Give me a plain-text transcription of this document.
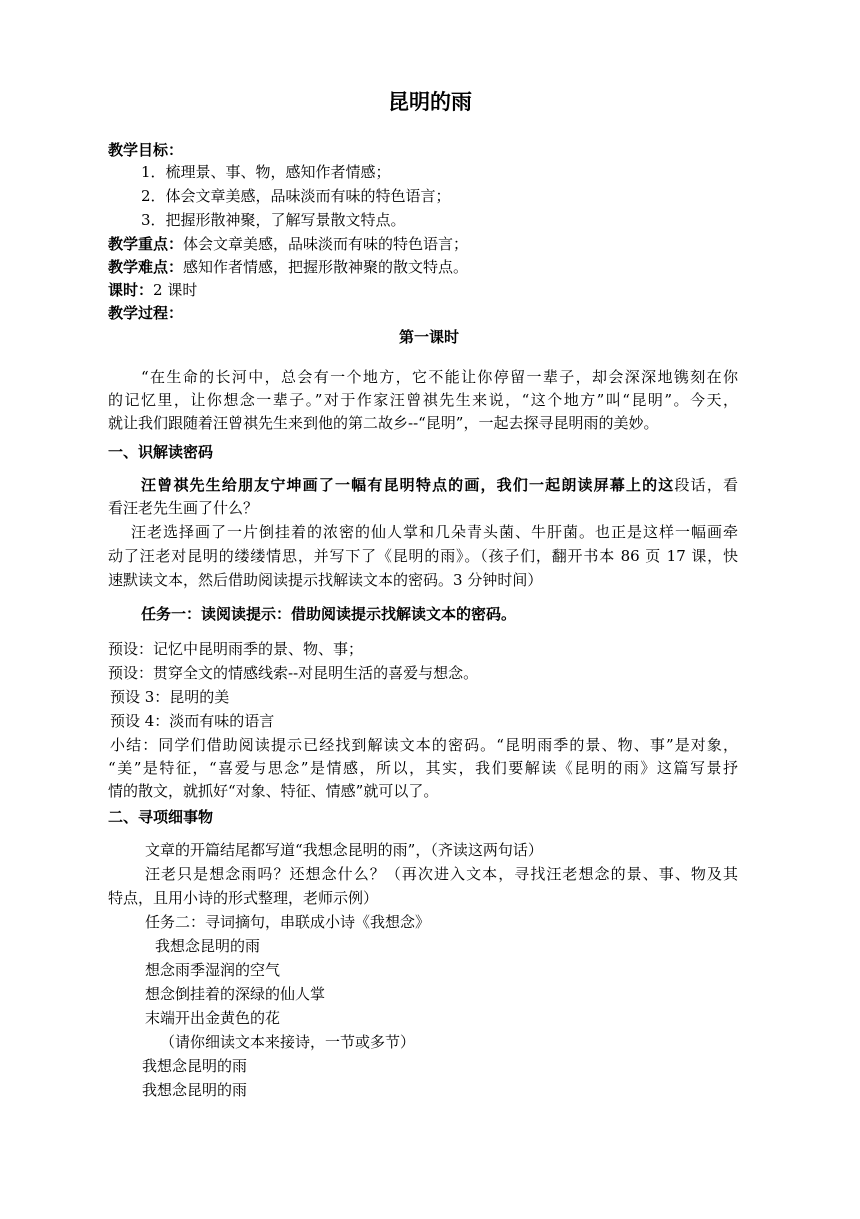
昆明的雨
教学目标：
1．梳理景、事、物，感知作者情感；
2．体会文章美感，品味淡而有味的特色语言；
3．把握形散神聚，了解写景散文特点。
教学重点：体会文章美感，品味淡而有味的特色语言；
教学难点：感知作者情感，把握形散神聚的散文特点。
课时：2 课时
教学过程：
第一课时
“在生命的长河中，总会有一个地方，它不能让你停留一辈子，却会深深地镌刻在你
的记忆里，让你想念一辈子。”对于作家汪曾祺先生来说，“这个地方”叫“昆明”。今天，
就让我们跟随着汪曾祺先生来到他的第二故乡--“昆明”，一起去探寻昆明雨的美妙。
一、识解读密码
汪曾祺先生给朋友宁坤画了一幅有昆明特点的画，我们一起朗读屏幕上的这段话，看
看汪老先生画了什么？
汪老选择画了一片倒挂着的浓密的仙人掌和几朵青头菌、牛肝菌。也正是这样一幅画牵
动了汪老对昆明的缕缕情思，并写下了《昆明的雨》。（孩子们，翻开书本 86 页 17 课，快
速默读文本，然后借助阅读提示找解读文本的密码。3 分钟时间）
任务一：读阅读提示：借助阅读提示找解读文本的密码。
预设：记忆中昆明雨季的景、物、事；
预设：贯穿全文的情感线索--对昆明生活的喜爱与想念。
预设 3：昆明的美
预设 4：淡而有味的语言
小结：同学们借助阅读提示已经找到解读文本的密码。“昆明雨季的景、物、事”是对象，
“美”是特征，“喜爱与思念”是情感，所以，其实，我们要解读《昆明的雨》这篇写景抒
情的散文，就抓好“对象、特征、情感”就可以了。
二、寻项细事物
文章的开篇结尾都写道“我想念昆明的雨”，（齐读这两句话）
汪老只是想念雨吗？还想念什么？（再次进入文本，寻找汪老想念的景、事、物及其
特点，且用小诗的形式整理，老师示例）
任务二：寻词摘句，串联成小诗《我想念》
我想念昆明的雨
想念雨季湿润的空气
想念倒挂着的深绿的仙人掌
末端开出金黄色的花
（请你细读文本来接诗，一节或多节）
我想念昆明的雨
我想念昆明的雨
